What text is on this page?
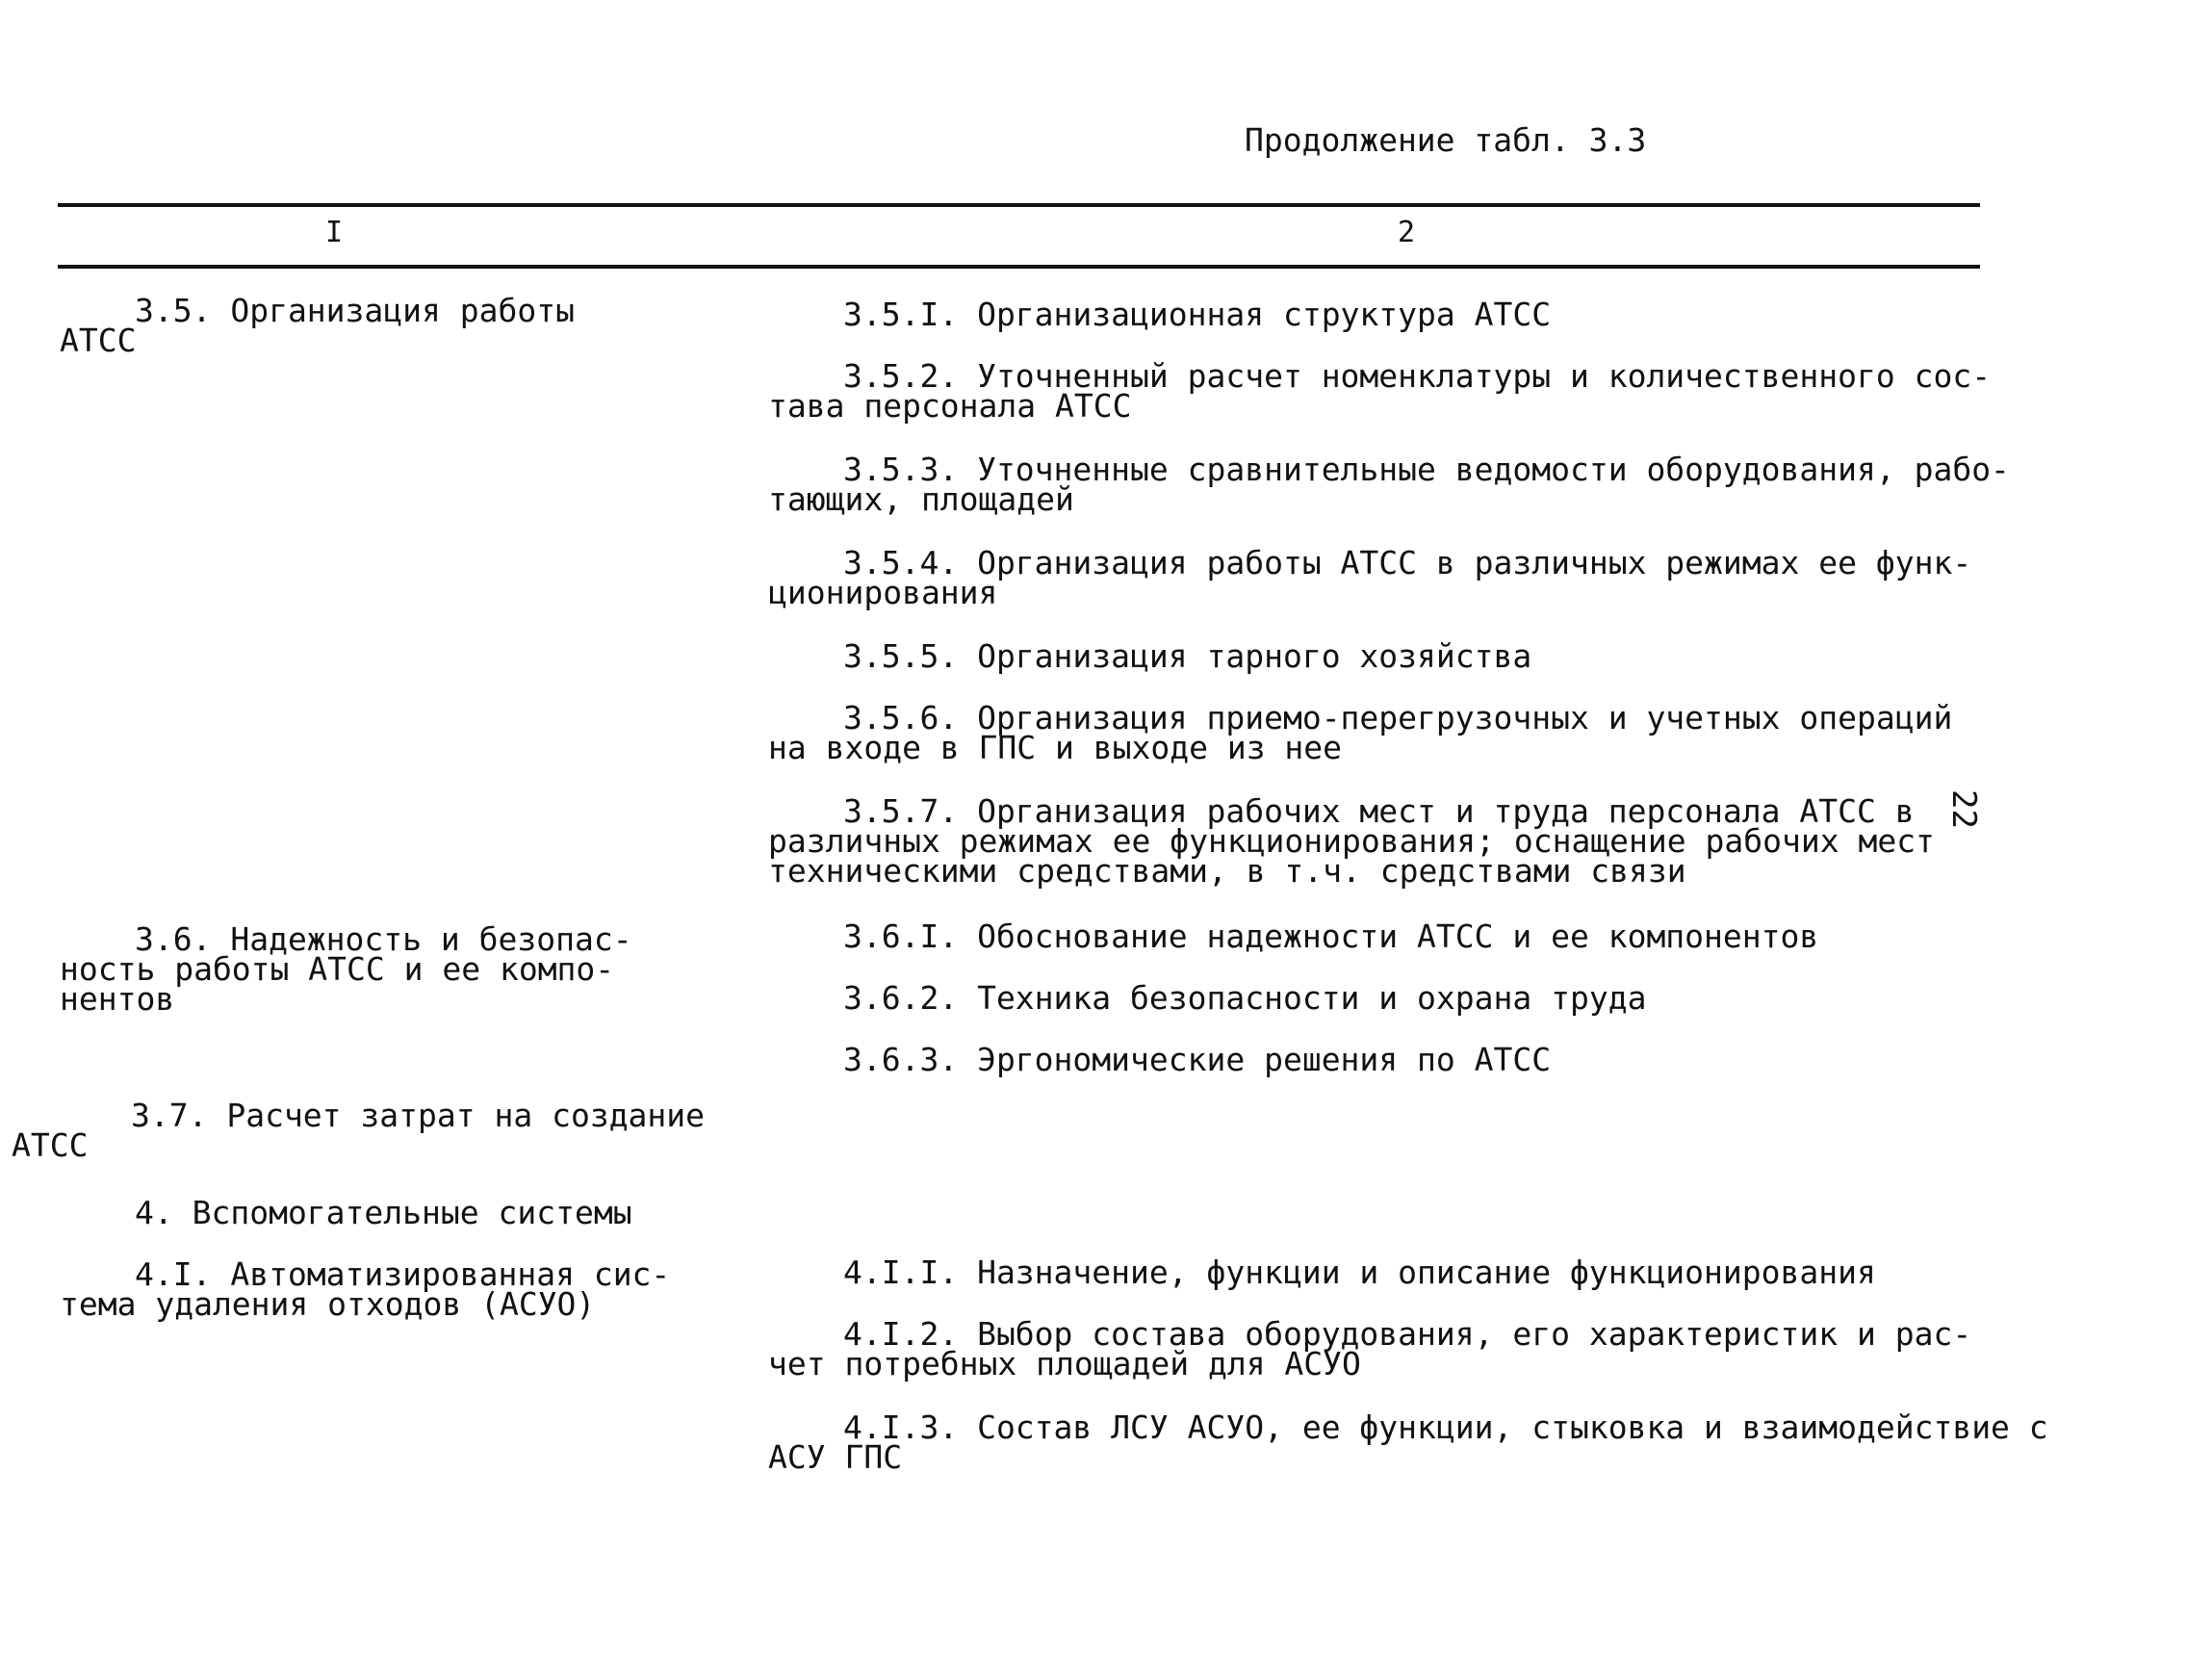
Продолжение табл. 3.3
I	2
22
3.5. Организация работы
АТСС
3.6. Надежность и безопас-
ность работы АТСС и ее компо-
нентов
3.7. Расчет затрат на создание
АТСС
4. Вспомогательные системы
4.I. Автоматизированная сис-
тема удаления отходов (АСУО)
3.5.I. Организационная структура АТСС
3.5.2. Уточненный расчет номенклатуры и количественного сос-
тава персонала АТСС
3.5.3. Уточненные сравнительные ведомости оборудования, рабо-
тающих, площадей
3.5.4. Организация работы АТСС в различных режимах ее функ-
ционирования
3.5.5. Организация тарного хозяйства
3.5.6. Организация приемо-перегрузочных и учетных операций
на входе в ГПС и выходе из нее
3.5.7. Организация рабочих мест и труда персонала АТСС в
различных режимах ее функционирования; оснащение рабочих мест
техническими средствами, в т.ч. средствами связи
3.6.I. Обоснование надежности АТСС и ее компонентов
3.6.2. Техника безопасности и охрана труда
3.6.3. Эргономические решения по АТСС
4.I.I. Назначение, функции и описание функционирования
4.I.2. Выбор состава оборудования, его характеристик и рас-
чет потребных площадей для АСУО
4.I.3. Состав ЛСУ АСУО, ее функции, стыковка и взаимодействие с
АСУ ГПС
